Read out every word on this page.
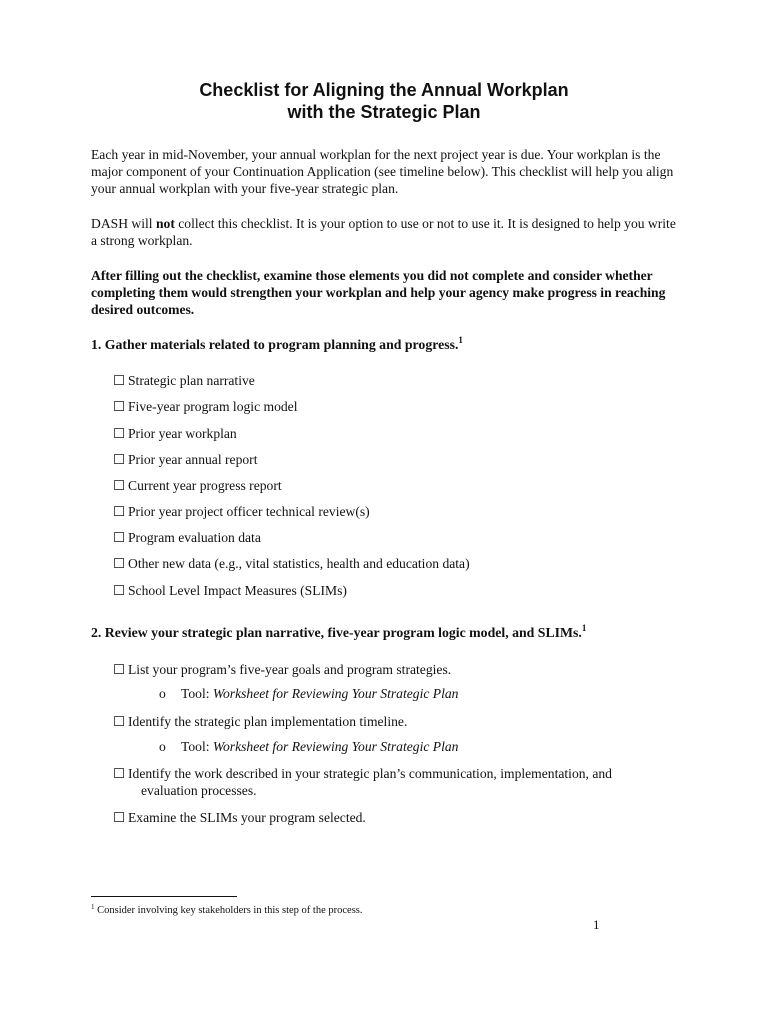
Checklist for Aligning the Annual Workplan
with the Strategic Plan

Each year in mid-November, your annual workplan for the next project year is due. Your workplan is the major component of your Continuation Application (see timeline below). This checklist will help you align your annual workplan with your five-year strategic plan.

DASH will not collect this checklist. It is your option to use or not to use it. It is designed to help you write a strong workplan.

After filling out the checklist, examine those elements you did not complete and consider whether completing them would strengthen your workplan and help your agency make progress in reaching desired outcomes.

1. Gather materials related to program planning and progress.$^1$

☐ Strategic plan narrative
☐ Five-year program logic model
☐ Prior year workplan
☐ Prior year annual report
☐ Current year progress report
☐ Prior year project officer technical review(s)
☐ Program evaluation data
☐ Other new data (e.g., vital statistics, health and education data)
☐ School Level Impact Measures (SLIMs)

2. Review your strategic plan narrative, five-year program logic model, and SLIMs.$^1$

☐ List your program’s five-year goals and program strategies.
o Tool: Worksheet for Reviewing Your Strategic Plan
☐ Identify the strategic plan implementation timeline.
o Tool: Worksheet for Reviewing Your Strategic Plan
☐ Identify the work described in your strategic plan’s communication, implementation, and
evaluation processes.
☐ Examine the SLIMs your program selected.
$^1$ Consider involving key stakeholders in this step of the process.
1
